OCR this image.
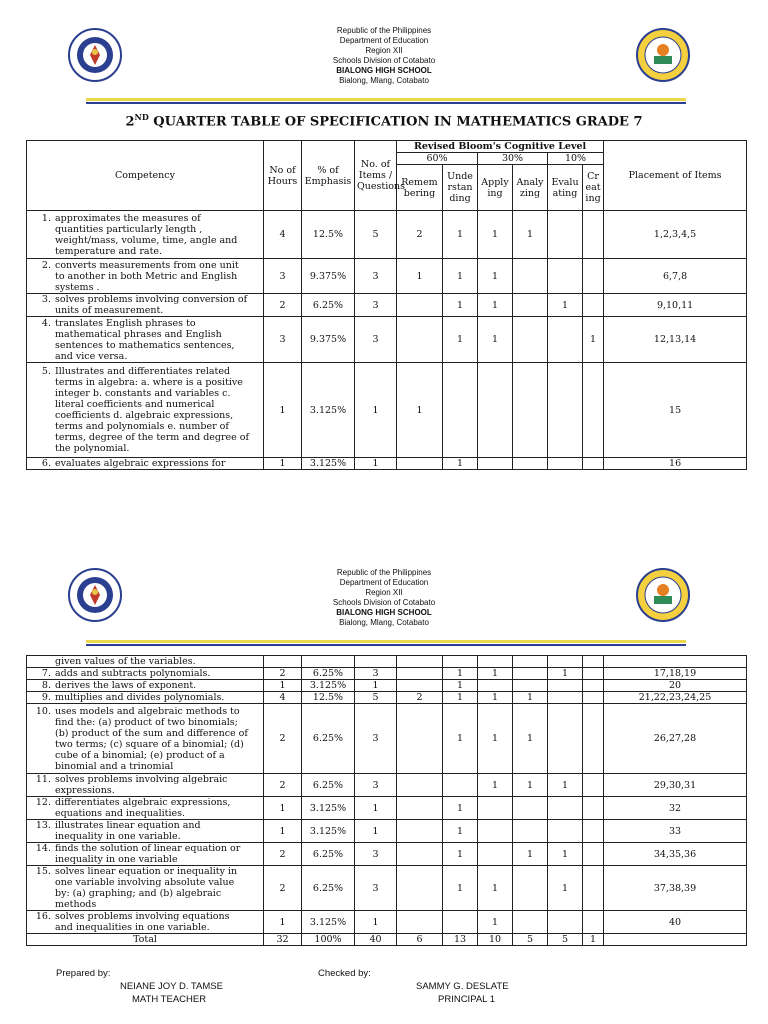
Republic of the Philippines
Department of Education
Region XII
Schools Division of Cotabato
BIALONG HIGH SCHOOL
Bialong, Mlang, Cotabato
2ND QUARTER TABLE OF SPECIFICATION IN MATHEMATICS GRADE 7
Competency	No of Hours	% of Emphasis	No. of Items / Questions	Revised Bloom's Cognitive Level						Placement of Items
				60%		30%		10%		
				Remembering	Understanding	Applying	Analyzing	Evaluating	Creating	
1. approximates the measures of quantities particularly length , weight/mass, volume, time, angle and temperature and rate.	4	12.5%	5	2	1	1	1			1,2,3,4,5
2. converts measurements from one unit to another in both Metric and English systems .	3	9.375%	3	1	1	1				6,7,8
3. solves problems involving conversion of units of measurement.	2	6.25%	3		1	1		1		9,10,11
4. translates English phrases to mathematical phrases and English sentences to mathematics sentences, and vice versa.	3	9.375%	3		1	1			1	12,13,14
5. Illustrates and differentiates related terms in algebra: a. where is a positive integer b. constants and variables c. literal coefficients and numerical coefficients d. algebraic expressions, terms and polynomials e. number of terms, degree of the term and degree of the polynomial.	1	3.125%	1	1						15
6. evaluates algebraic expressions for	1	3.125%	1		1					16
Republic of the Philippines
Department of Education
Region XII
Schools Division of Cotabato
BIALONG HIGH SCHOOL
Bialong, Mlang, Cotabato
given values of the variables.										
7. adds and subtracts polynomials.	2	6.25%	3		1	1		1		17,18,19
8. derives the laws of exponent.	1	3.125%	1		1					20
9. multiplies and divides polynomials.	4	12.5%	5	2	1	1	1			21,22,23,24,25
10. uses models and algebraic methods to find the: (a) product of two binomials; (b) product of the sum and difference of two terms; (c) square of a binomial; (d) cube of a binomial; (e) product of a binomial and a trinomial	2	6.25%	3		1	1	1			26,27,28
11. solves problems involving algebraic expressions.	2	6.25%	3			1	1	1		29,30,31
12. differentiates algebraic expressions, equations and inequalities.	1	3.125%	1		1					32
13. illustrates linear equation and inequality in one variable.	1	3.125%	1		1					33
14. finds the solution of linear equation or inequality in one variable	2	6.25%	3		1		1	1		34,35,36
15. solves linear equation or inequality in one variable involving absolute value by: (a) graphing; and (b) algebraic methods	2	6.25%	3		1	1		1		37,38,39
16. solves problems involving equations and inequalities in one variable.	1	3.125%	1			1				40
Total	32	100%	40	6	13	10	5	5	1	
Prepared by:
NEIANE JOY D. TAMSE
MATH TEACHER
Checked by:
SAMMY G. DESLATE
PRINCIPAL 1
